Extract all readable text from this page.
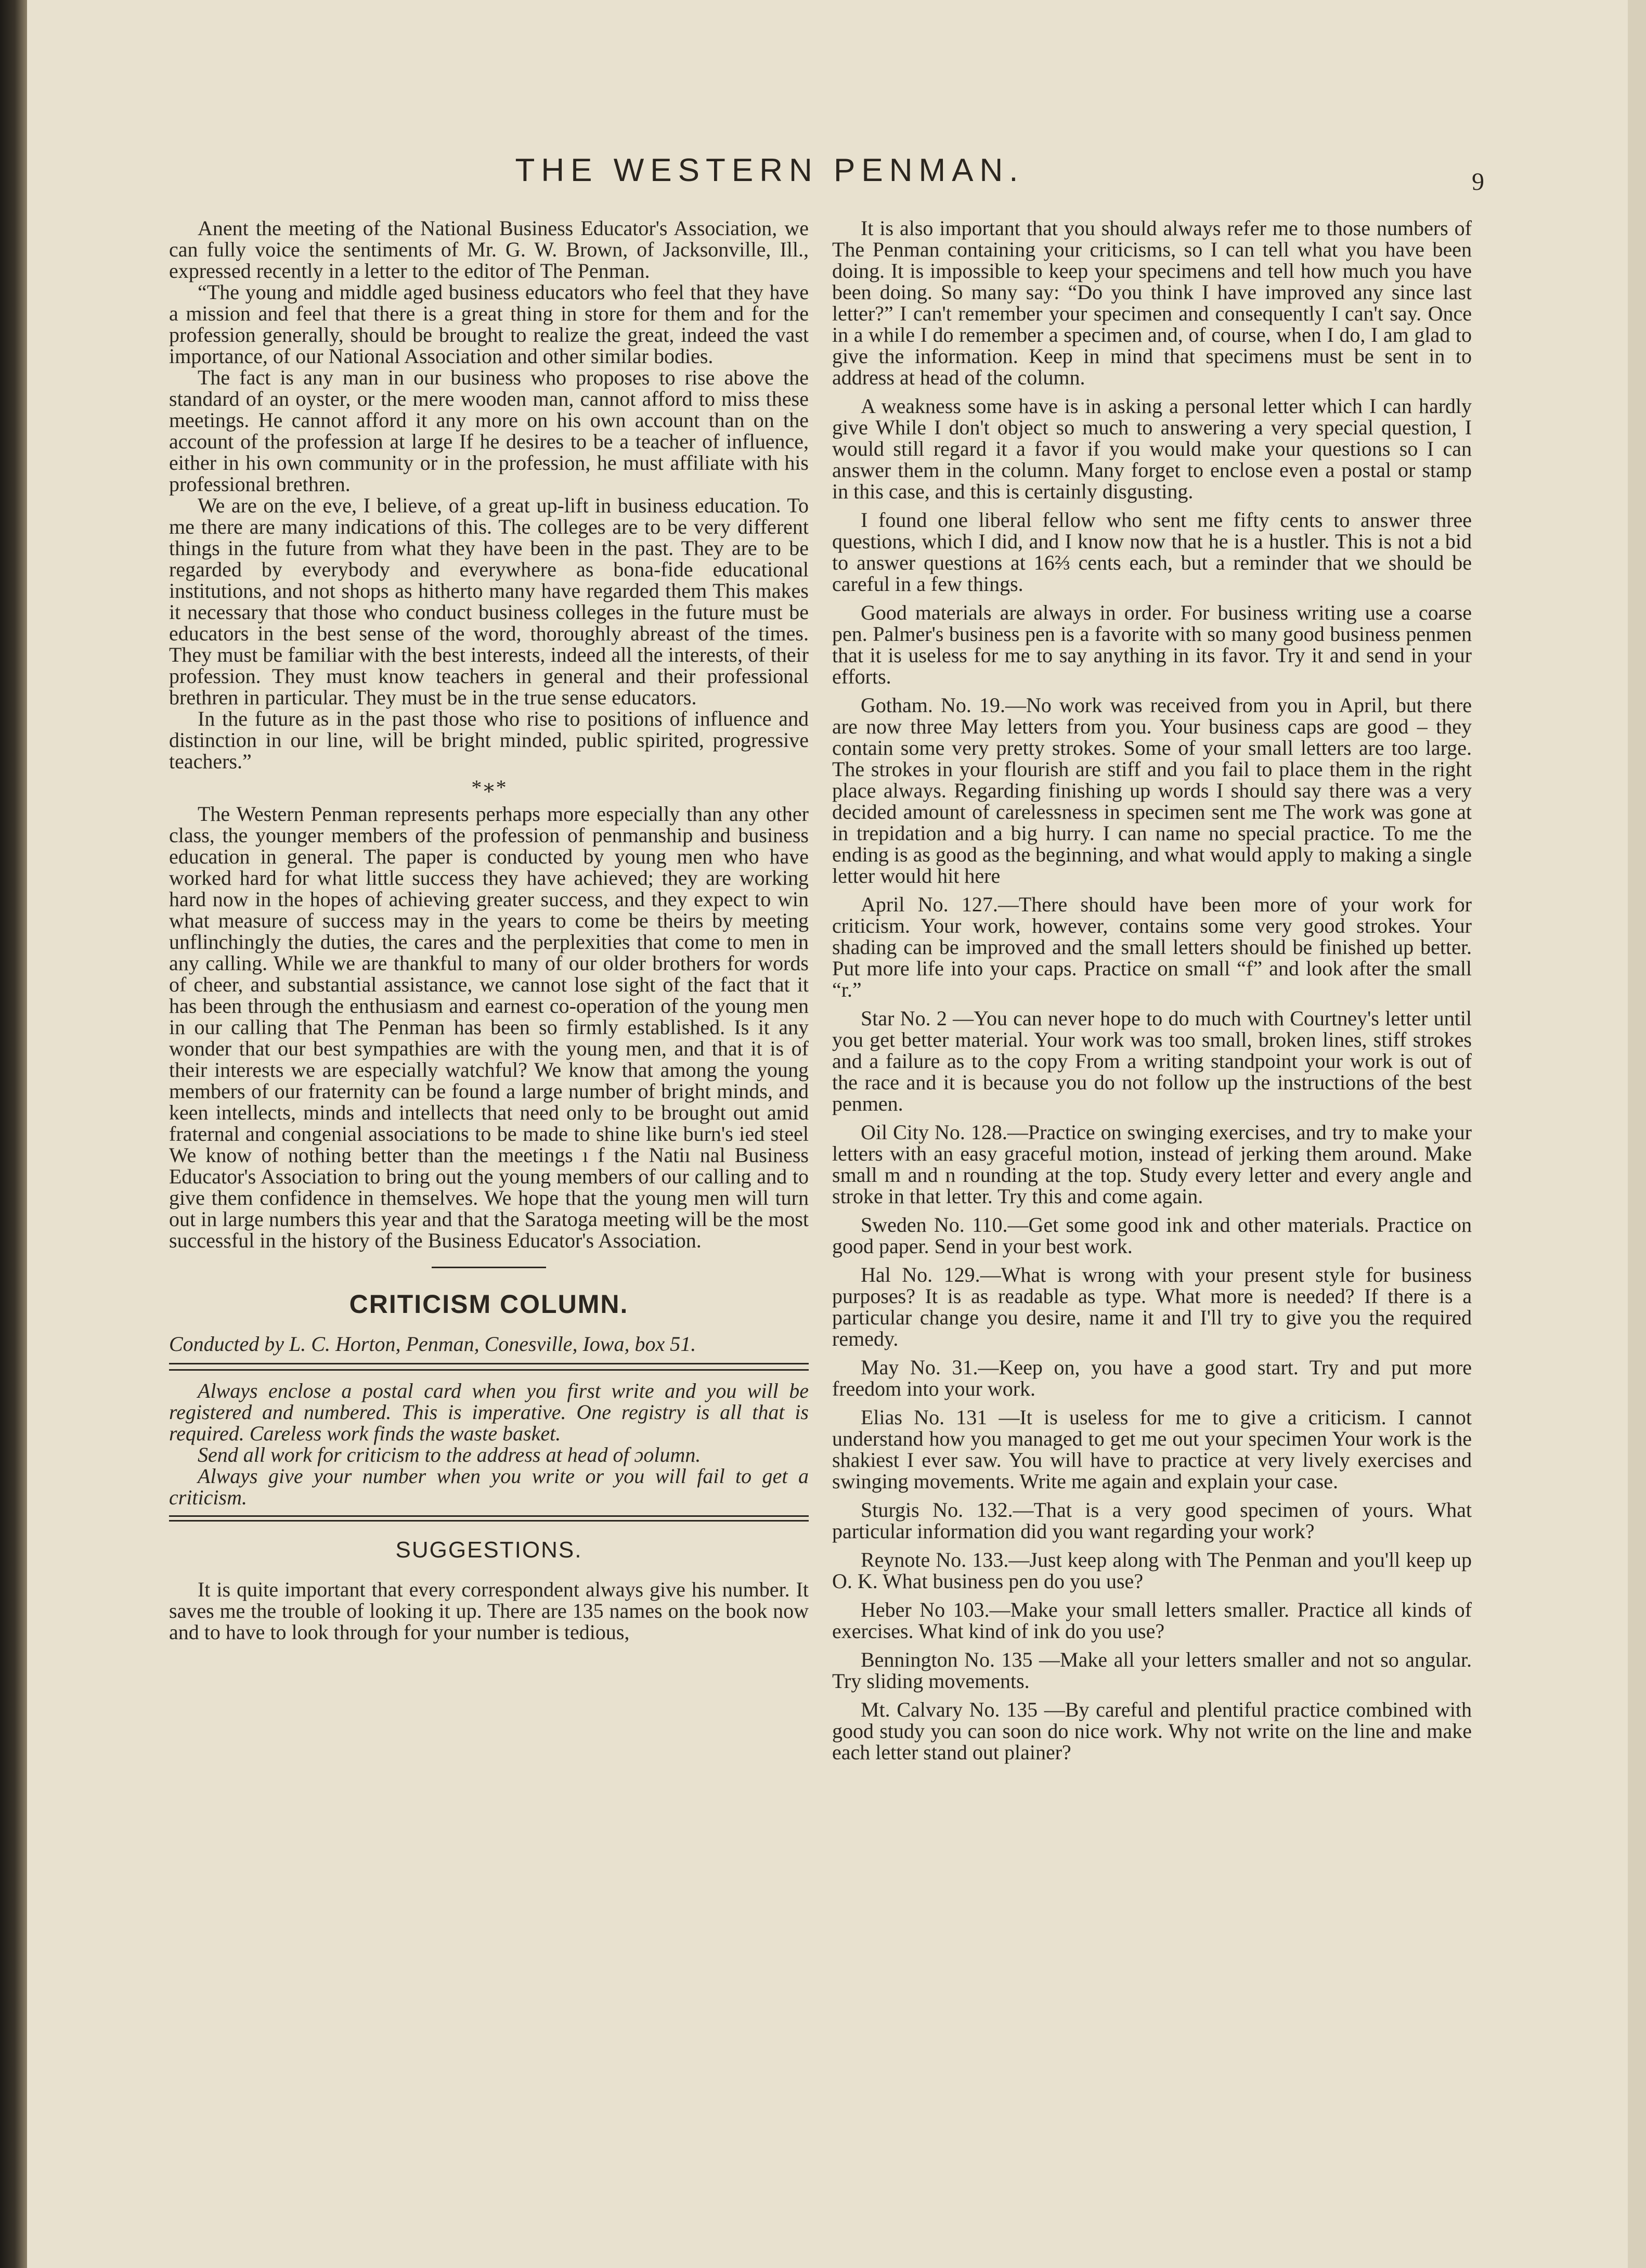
THE WESTERN PENMAN.	9

Anent the meeting of the National Business Educator's Association, we can fully voice the sentiments of Mr. G. W. Brown, of Jacksonville, Ill., expressed recently in a letter to the editor of The Penman.

“The young and middle aged business educators who feel that they have a mission and feel that there is a great thing in store for them and for the profession generally, should be brought to realize the great, indeed the vast importance, of our National Association and other similar bodies.

The fact is any man in our business who proposes to rise above the standard of an oyster, or the mere wooden man, cannot afford to miss these meetings. He cannot afford it any more on his own account than on the account of the profession at large If he desires to be a teacher of influence, either in his own community or in the profession, he must affiliate with his professional brethren.

We are on the eve, I believe, of a great up-lift in business education. To me there are many indications of this. The colleges are to be very different things in the future from what they have been in the past. They are to be regarded by everybody and everywhere as bona-fide educational institutions, and not shops as hitherto many have regarded them This makes it necessary that those who conduct business colleges in the future must be educators in the best sense of the word, thoroughly abreast of the times. They must be familiar with the best interests, indeed all the interests, of their profession. They must know teachers in general and their professional brethren in particular. They must be in the true sense educators.

In the future as in the past those who rise to positions of influence and distinction in our line, will be bright minded, public spirited, progressive teachers.”

*∗*

The Western Penman represents perhaps more especially than any other class, the younger members of the profession of penmanship and business education in general. The paper is conducted by young men who have worked hard for what little success they have achieved; they are working hard now in the hopes of achieving greater success, and they expect to win what measure of success may in the years to come be theirs by meeting unflinchingly the duties, the cares and the perplexities that come to men in any calling. While we are thankful to many of our older brothers for words of cheer, and substantial assistance, we cannot lose sight of the fact that it has been through the enthusiasm and earnest co-operation of the young men in our calling that The Penman has been so firmly established. Is it any wonder that our best sympathies are with the young men, and that it is of their interests we are especially watchful? We know that among the young members of our fraternity can be found a large number of bright minds, and keen intellects, minds and intellects that need only to be brought out amid fraternal and congenial associations to be made to shine like burn's ied steel We know of nothing better than the meetings ı f the Natiı nal Business Educator's Association to bring out the young members of our calling and to give them confidence in themselves. We hope that the young men will turn out in large numbers this year and that the Saratoga meeting will be the most successful in the history of the Business Educator's Association.

CRITICISM COLUMN.
Conducted by L. C. Horton, Penman, Conesville, Iowa, box 51.

Always enclose a postal card when you first write and you will be registered and numbered. This is imperative. One registry is all that is required. Careless work finds the waste basket.

Send all work for criticism to the address at head of ɔolumn.

Always give your number when you write or you will fail to get a criticism.

SUGGESTIONS.

It is quite important that every correspondent always give his number. It saves me the trouble of looking it up. There are 135 names on the book now and to have to look through for your number is tedious,

It is also important that you should always refer me to those numbers of The Penman containing your criticisms, so I can tell what you have been doing. It is impossible to keep your specimens and tell how much you have been doing. So many say: “Do you think I have improved any since last letter?” I can't remember your specimen and consequently I can't say. Once in a while I do remember a specimen and, of course, when I do, I am glad to give the information. Keep in mind that specimens must be sent in to address at head of the column.

A weakness some have is in asking a personal letter which I can hardly give While I don't object so much to answering a very special question, I would still regard it a favor if you would make your questions so I can answer them in the column. Many forget to enclose even a postal or stamp in this case, and this is certainly disgusting.

I found one liberal fellow who sent me fifty cents to answer three questions, which I did, and I know now that he is a hustler. This is not a bid to answer questions at 16⅔ cents each, but a reminder that we should be careful in a few things.

Good materials are always in order. For business writing use a coarse pen. Palmer's business pen is a favorite with so many good business penmen that it is useless for me to say anything in its favor. Try it and send in your efforts.

Gotham. No. 19.—No work was received from you in April, but there are now three May letters from you. Your business caps are good – they contain some very pretty strokes. Some of your small letters are too large. The strokes in your flourish are stiff and you fail to place them in the right place always. Regarding finishing up words I should say there was a very decided amount of carelessness in specimen sent me The work was gone at in trepidation and a big hurry. I can name no special practice. To me the ending is as good as the beginning, and what would apply to making a single letter would hit here

April No. 127.—There should have been more of your work for criticism. Your work, however, contains some very good strokes. Your shading can be improved and the small letters should be finished up better. Put more life into your caps. Practice on small “f” and look after the small “r.”

Star No. 2 —You can never hope to do much with Courtney's letter until you get better material. Your work was too small, broken lines, stiff strokes and a failure as to the copy From a writing standpoint your work is out of the race and it is because you do not follow up the instructions of the best penmen.

Oil City No. 128.—Practice on swinging exercises, and try to make your letters with an easy graceful motion, instead of jerking them around. Make small m and n rounding at the top. Study every letter and every angle and stroke in that letter. Try this and come again.

Sweden No. 110.—Get some good ink and other materials. Practice on good paper. Send in your best work.

Hal No. 129.—What is wrong with your present style for business purposes? It is as readable as type. What more is needed? If there is a particular change you desire, name it and I'll try to give you the required remedy.

May No. 31.—Keep on, you have a good start. Try and put more freedom into your work.

Elias No. 131 —It is useless for me to give a criticism. I cannot understand how you managed to get me out your specimen Your work is the shakiest I ever saw. You will have to practice at very lively exercises and swinging movements. Write me again and explain your case.

Sturgis No. 132.—That is a very good specimen of yours. What particular information did you want regarding your work?

Reynote No. 133.—Just keep along with The Penman and you'll keep up O. K. What business pen do you use?

Heber No 103.—Make your small letters smaller. Practice all kinds of exercises. What kind of ink do you use?

Bennington No. 135 —Make all your letters smaller and not so angular. Try sliding movements.

Mt. Calvary No. 135 —By careful and plentiful practice combined with good study you can soon do nice work. Why not write on the line and make each letter stand out plainer?
